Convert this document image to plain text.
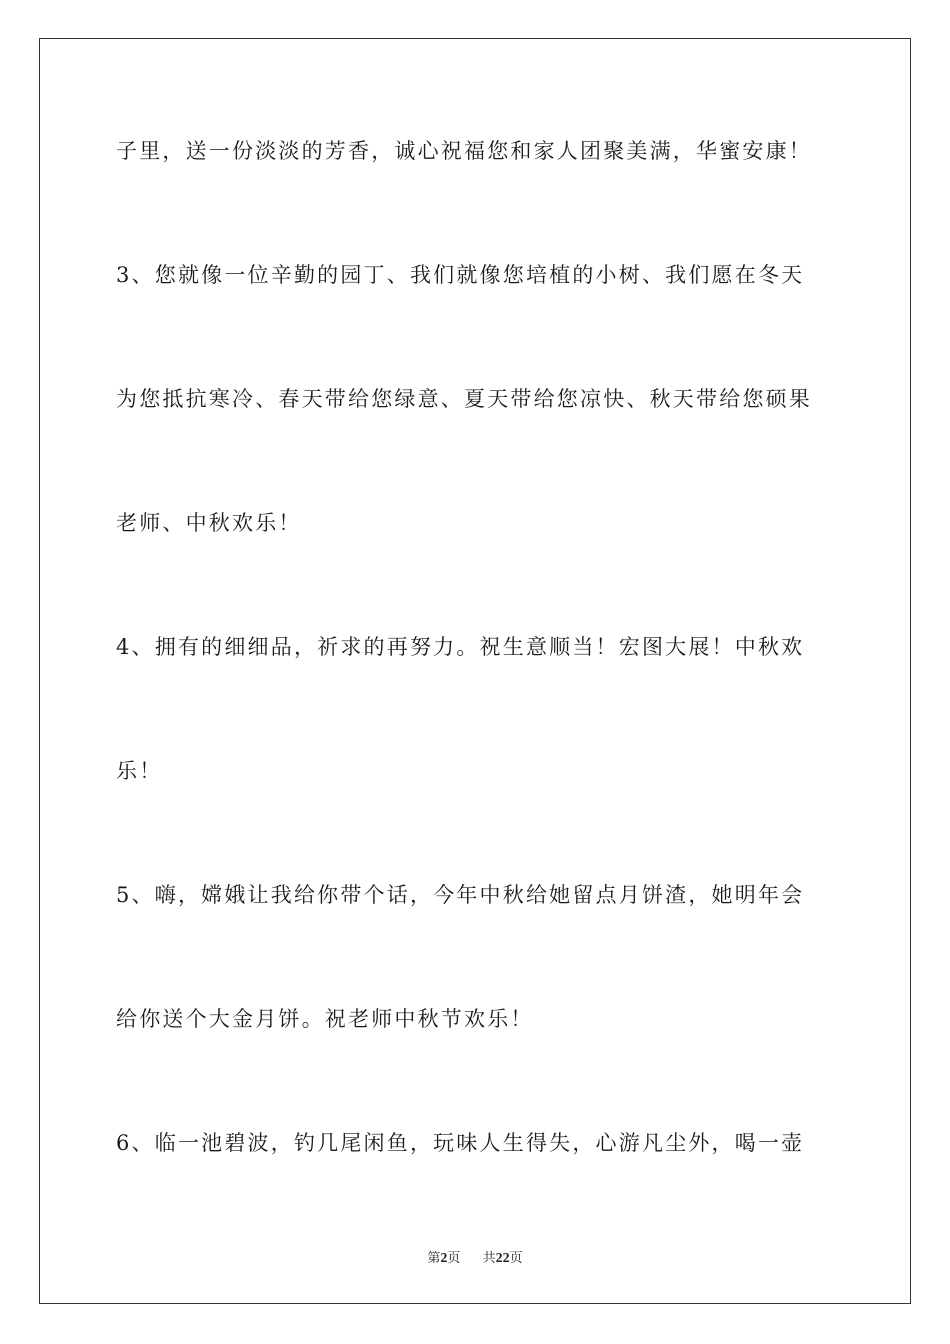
子里，送一份淡淡的芳香，诚心祝福您和家人团聚美满，华蜜安康！
3、您就像一位辛勤的园丁、我们就像您培植的小树、我们愿在冬天
为您抵抗寒冷、春天带给您绿意、夏天带给您凉快、秋天带给您硕果
老师、中秋欢乐！
4、拥有的细细品，祈求的再努力。祝生意顺当！宏图大展！中秋欢
乐！
5、嗨，嫦娥让我给你带个话，今年中秋给她留点月饼渣，她明年会
给你送个大金月饼。祝老师中秋节欢乐！
6、临一池碧波，钓几尾闲鱼，玩味人生得失，心游凡尘外，喝一壶
第2页 共22页
